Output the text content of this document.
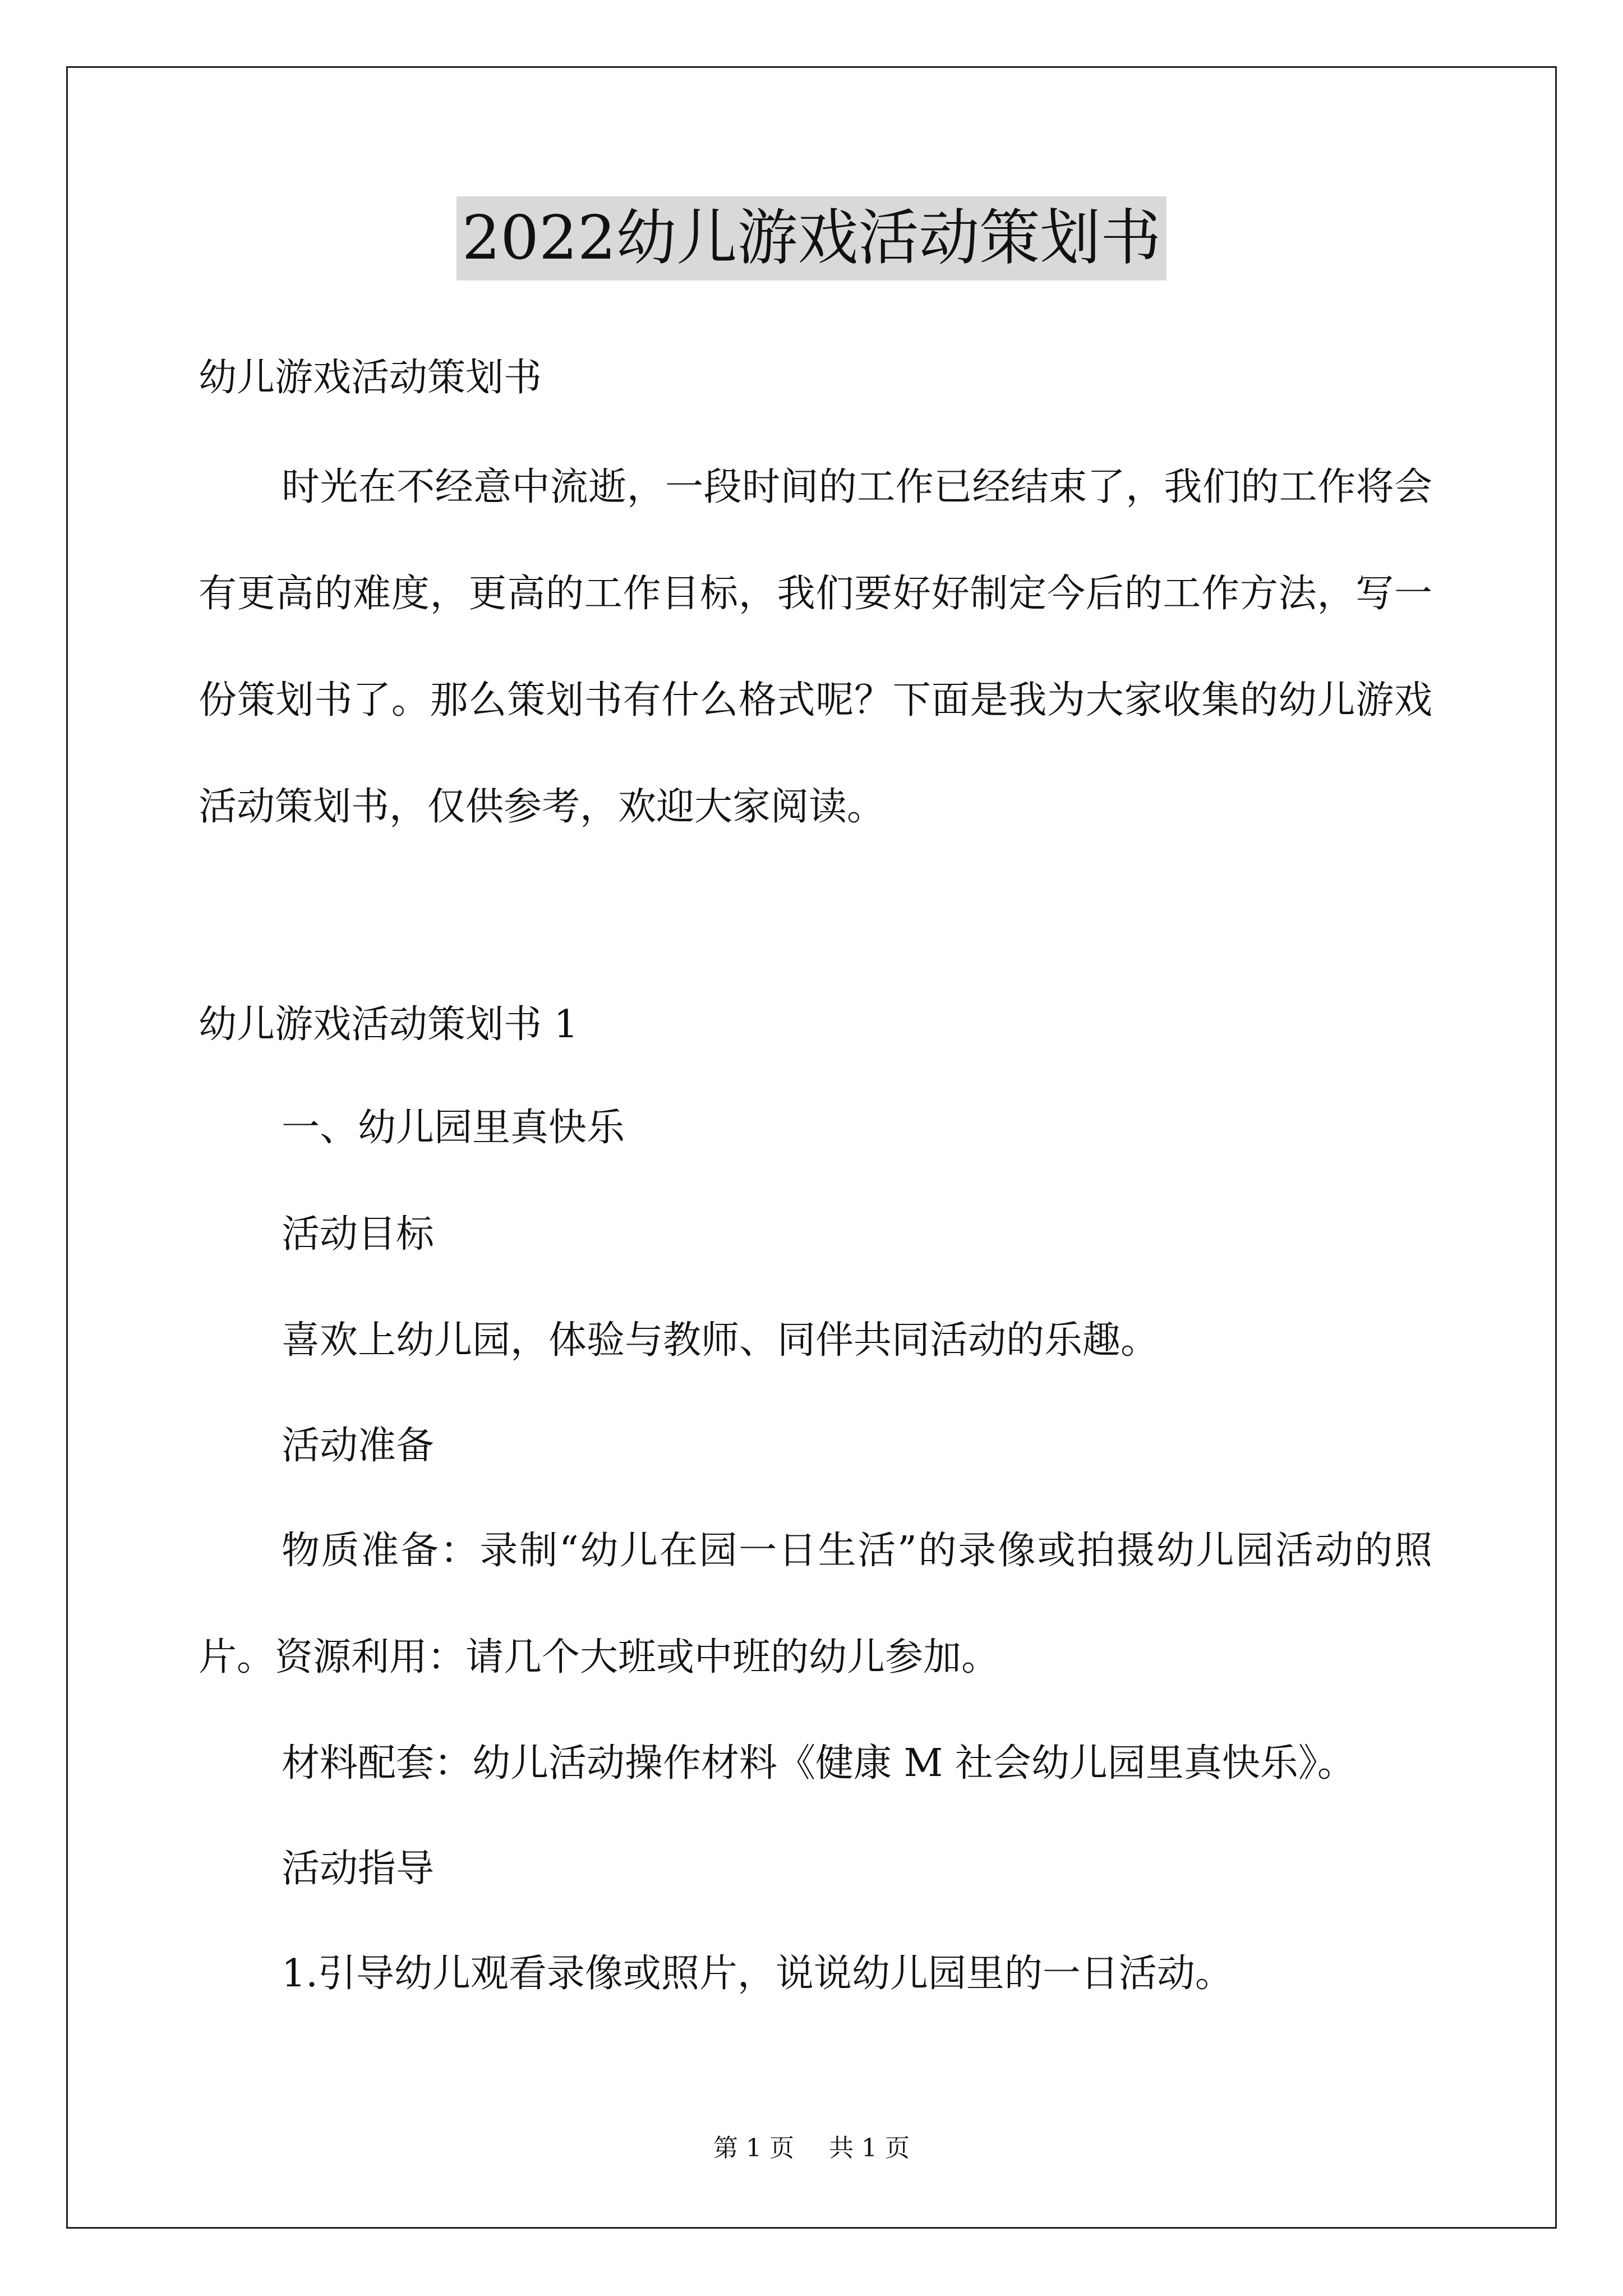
2022幼儿游戏活动策划书
幼儿游戏活动策划书
时光在不经意中流逝，一段时间的工作已经结束了，我们的工作将会有更高的难度，更高的工作目标，我们要好好制定今后的工作方法，写一份策划书了。那么策划书有什么格式呢？下面是我为大家收集的幼儿游戏活动策划书，仅供参考，欢迎大家阅读。
幼儿游戏活动策划书 1
一、幼儿园里真快乐
活动目标
喜欢上幼儿园，体验与教师、同伴共同活动的乐趣。
活动准备
物质准备：录制“幼儿在园一日生活”的录像或拍摄幼儿园活动的照片。资源利用：请几个大班或中班的幼儿参加。
材料配套：幼儿活动操作材料《健康 M 社会幼儿园里真快乐》。
活动指导
1.引导幼儿观看录像或照片，说说幼儿园里的一日活动。
第 1 页 共 1 页
